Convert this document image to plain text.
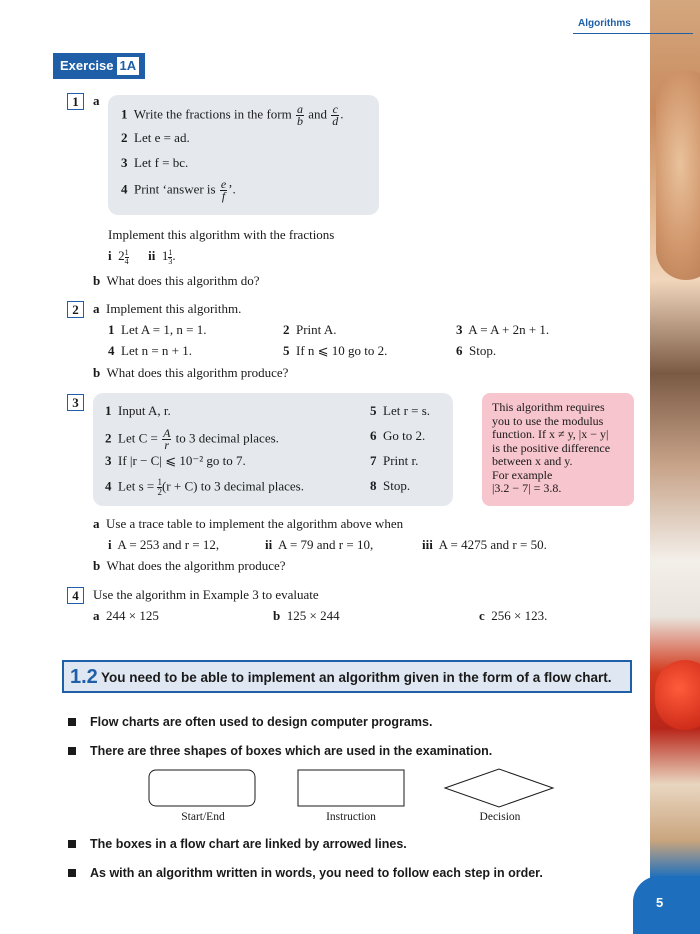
Algorithms
Exercise 1A
1	a
1 Write the fractions in the form $\frac{a}{b}$ and $\frac{c}{d}$ .
2 Let e = ad.
3 Let f = bc.
4 Print ‘answer is $\frac{e}{f}$ ’.
Implement this algorithm with the fractions
i  $2 \frac{1}{4}$ ii  $1 \frac{1}{3}$.
b What does this algorithm do?
2	a Implement this algorithm.
1 Let A = 1, n = 1.	2 Print A.	3 A = A + 2n + 1.
4 Let n = n + 1.	5 If n ⩽ 10 go to 2.	6 Stop.
b What does this algorithm produce?
3
1 Input A, r.
2 Let $C = \frac{A}{r}$ to 3 decimal places.
3 If |r − C| ⩽ 10⁻² go to 7.
4 Let $s = \frac{1}{2}(r + C)$ to 3 decimal places.
5 Let r = s.
6 Go to 2.
7 Print r.
8 Stop.
This algorithm requires
you to use the modulus
function. If x ≠ y, |x − y|
is the positive difference
between x and y.
For example
|3.2 − 7| = 3.8.
a Use a trace table to implement the algorithm above when
i A = 253 and r = 12,	ii A = 79 and r = 10,	iii A = 4275 and r = 50.
b What does the algorithm produce?
4	Use the algorithm in Example 3 to evaluate
a 244 × 125	b 125 × 244	c 256 × 123.
1.2 You need to be able to implement an algorithm given in the form of a flow chart.
Flow charts are often used to design computer programs.
There are three shapes of boxes which are used in the examination.
Start/End	Instruction	Decision
The boxes in a flow chart are linked by arrowed lines.
As with an algorithm written in words, you need to follow each step in order.
5
